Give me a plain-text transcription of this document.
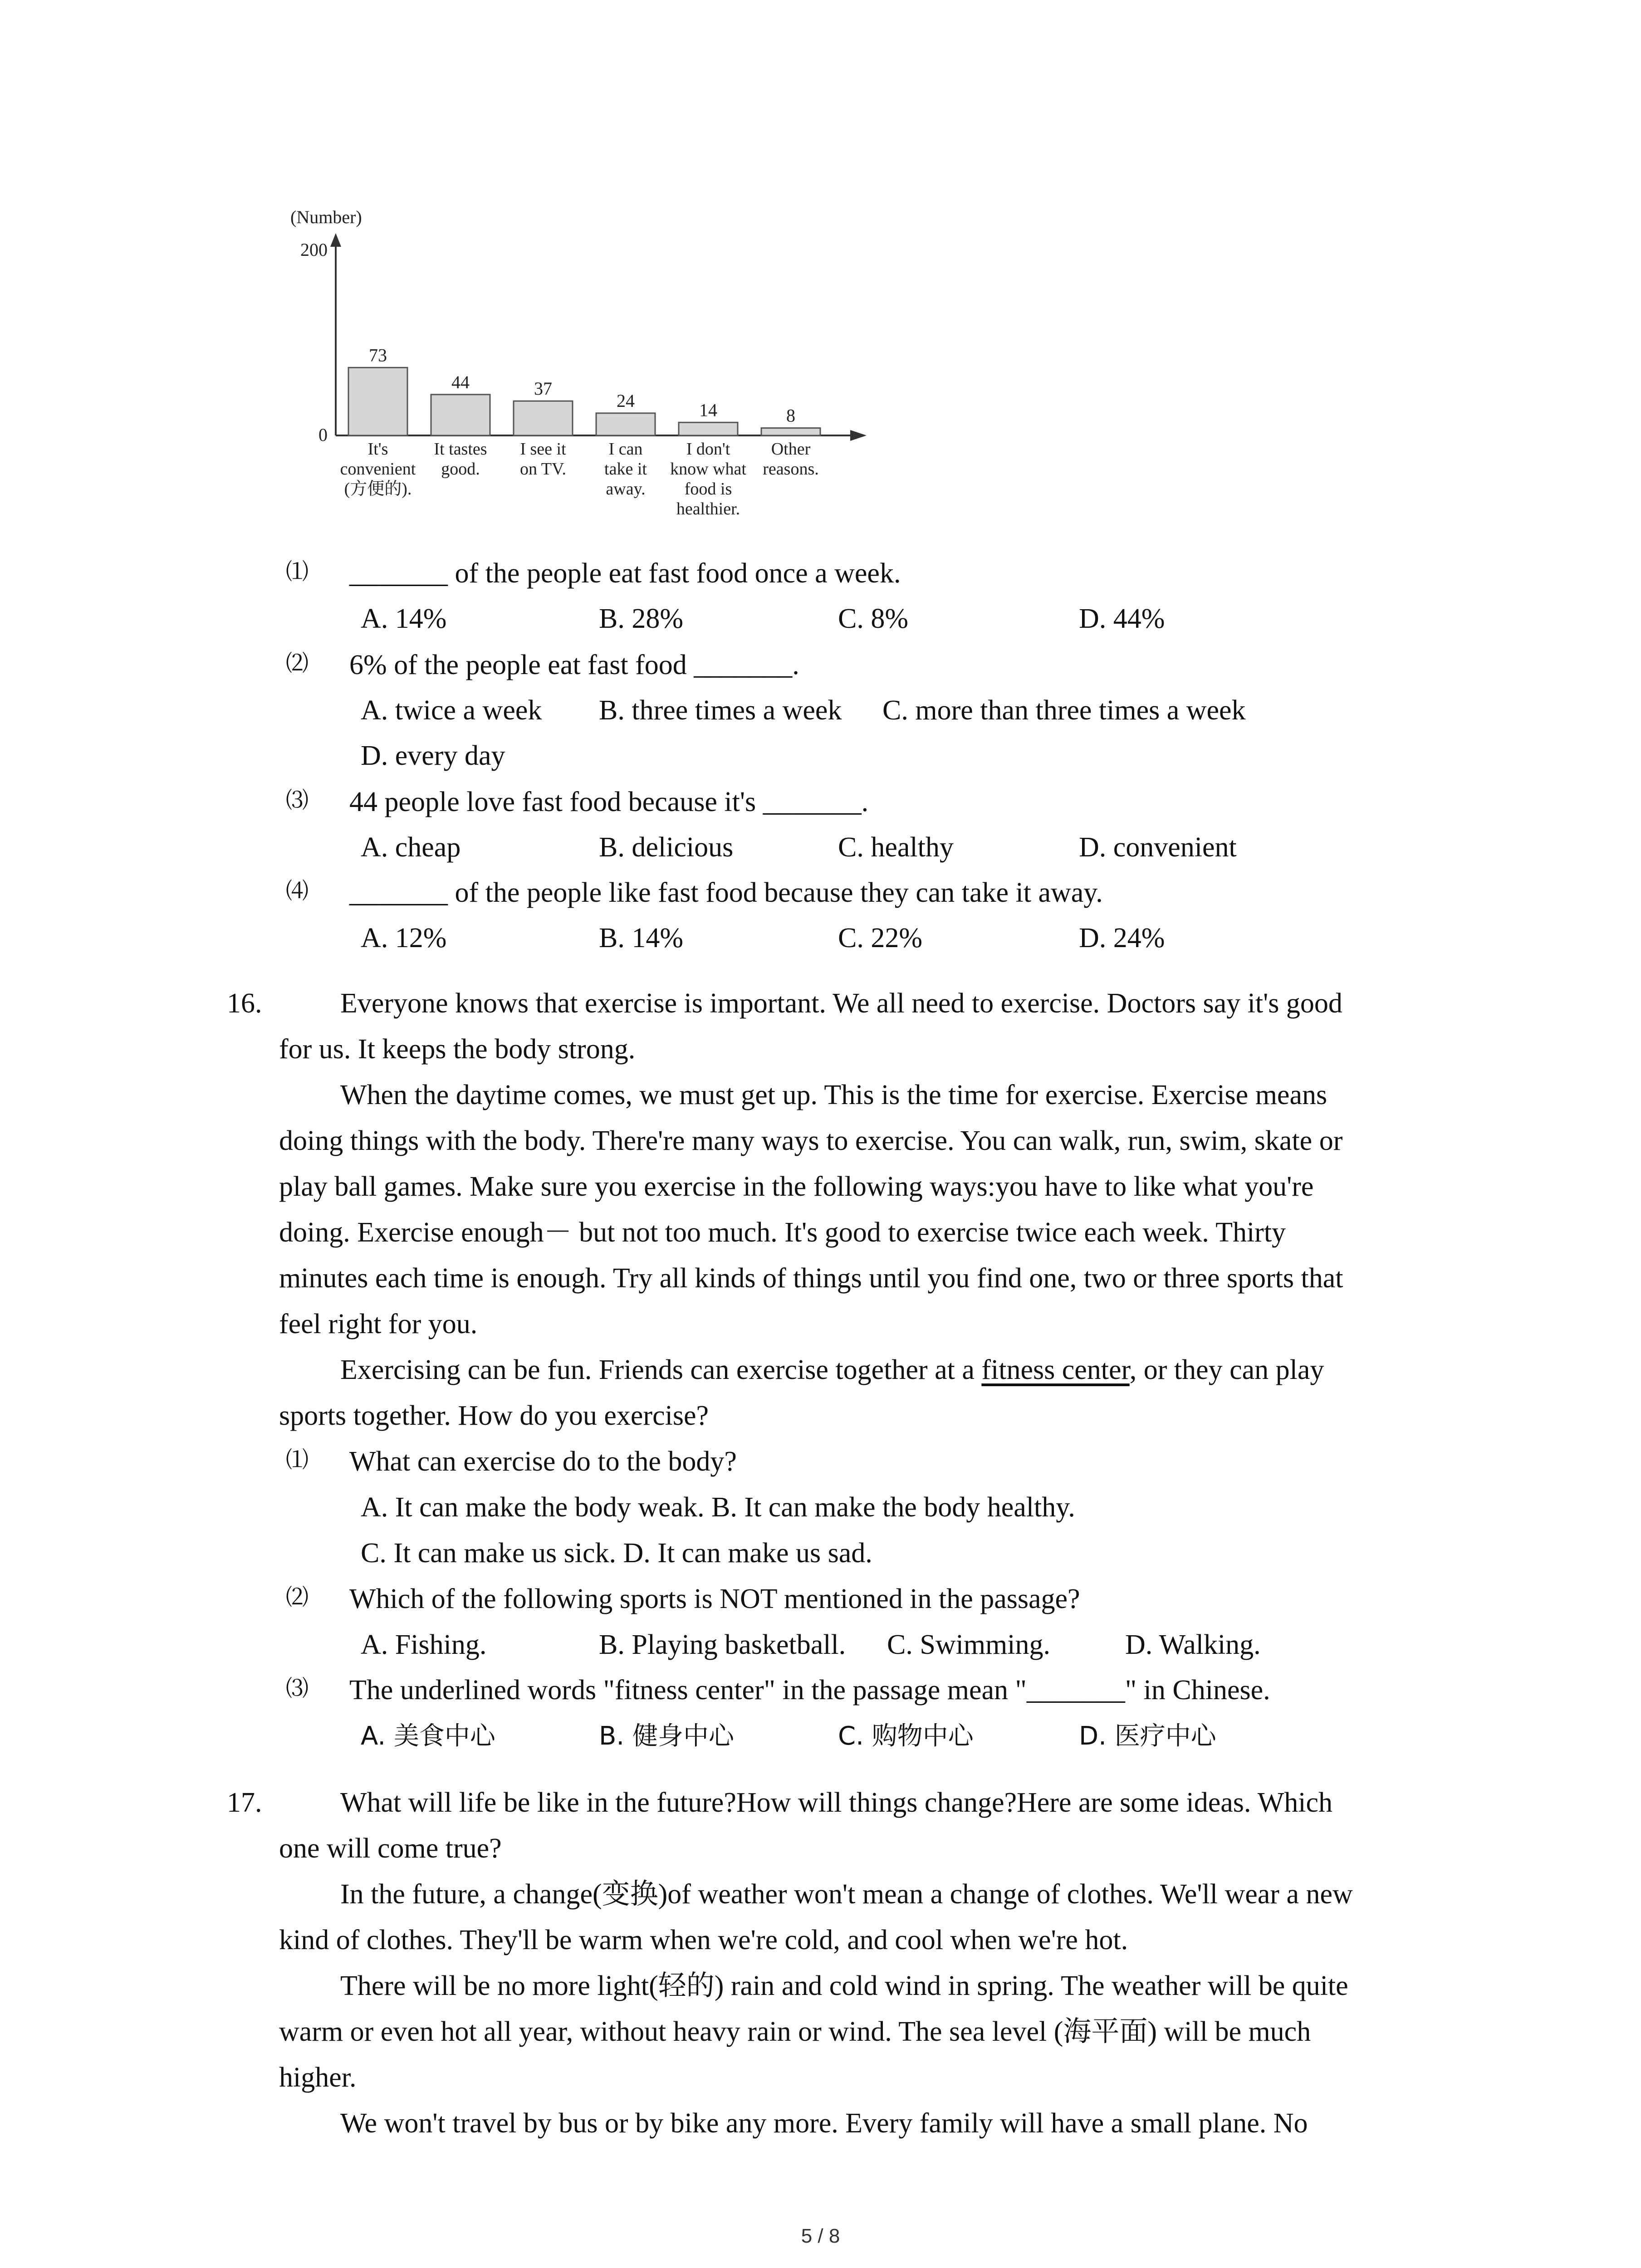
(Number)
200
0
73
It's convenient (方便的).
44
It tastes good.
37
I see it on TV.
24
I can take it away.
14
I don't know what food is healthier.
8
Other reasons.
⑴ _______ of the people eat fast food once a week.
A. 14%	B. 28%	C. 8%	D. 44%
⑵ 6% of the people eat fast food _______.
A. twice a week B. three times a week C. more than three times a week
D. every day
⑶ 44 people love fast food because it's _______.
A. cheap	B. delicious	C. healthy	D. convenient
⑷ _______ of the people like fast food because they can take it away.
A. 12%	B. 14%	C. 22%	D. 24%
16.	Everyone knows that exercise is important. We all need to exercise. Doctors say it's good
for us. It keeps the body strong.
When the daytime comes, we must get up. This is the time for exercise. Exercise means
doing things with the body. There're many ways to exercise. You can walk, run, swim, skate or
play ball games. Make sure you exercise in the following ways:you have to like what you're
doing. Exercise enough－ but not too much. It's good to exercise twice each week. Thirty
minutes each time is enough. Try all kinds of things until you find one, two or three sports that
feel right for you.
Exercising can be fun. Friends can exercise together at a fitness center, or they can play
sports together. How do you exercise?
⑴ What can exercise do to the body?
A. It can make the body weak. B. It can make the body healthy.
C. It can make us sick. D. It can make us sad.
⑵ Which of the following sports is NOT mentioned in the passage?
A. Fishing.	B. Playing basketball. C. Swimming.	D. Walking.
⑶ The underlined words "fitness center" in the passage mean "_______" in Chinese.
A. 美食中心	B. 健身中心	C. 购物中心	D. 医疗中心
17.	What will life be like in the future?How will things change?Here are some ideas. Which
one will come true?
In the future, a change(变换)of weather won't mean a change of clothes. We'll wear a new
kind of clothes. They'll be warm when we're cold, and cool when we're hot.
There will be no more light(轻的) rain and cold wind in spring. The weather will be quite
warm or even hot all year, without heavy rain or wind. The sea level (海平面) will be much
higher.
We won't travel by bus or by bike any more. Every family will have a small plane. No
5 / 8
